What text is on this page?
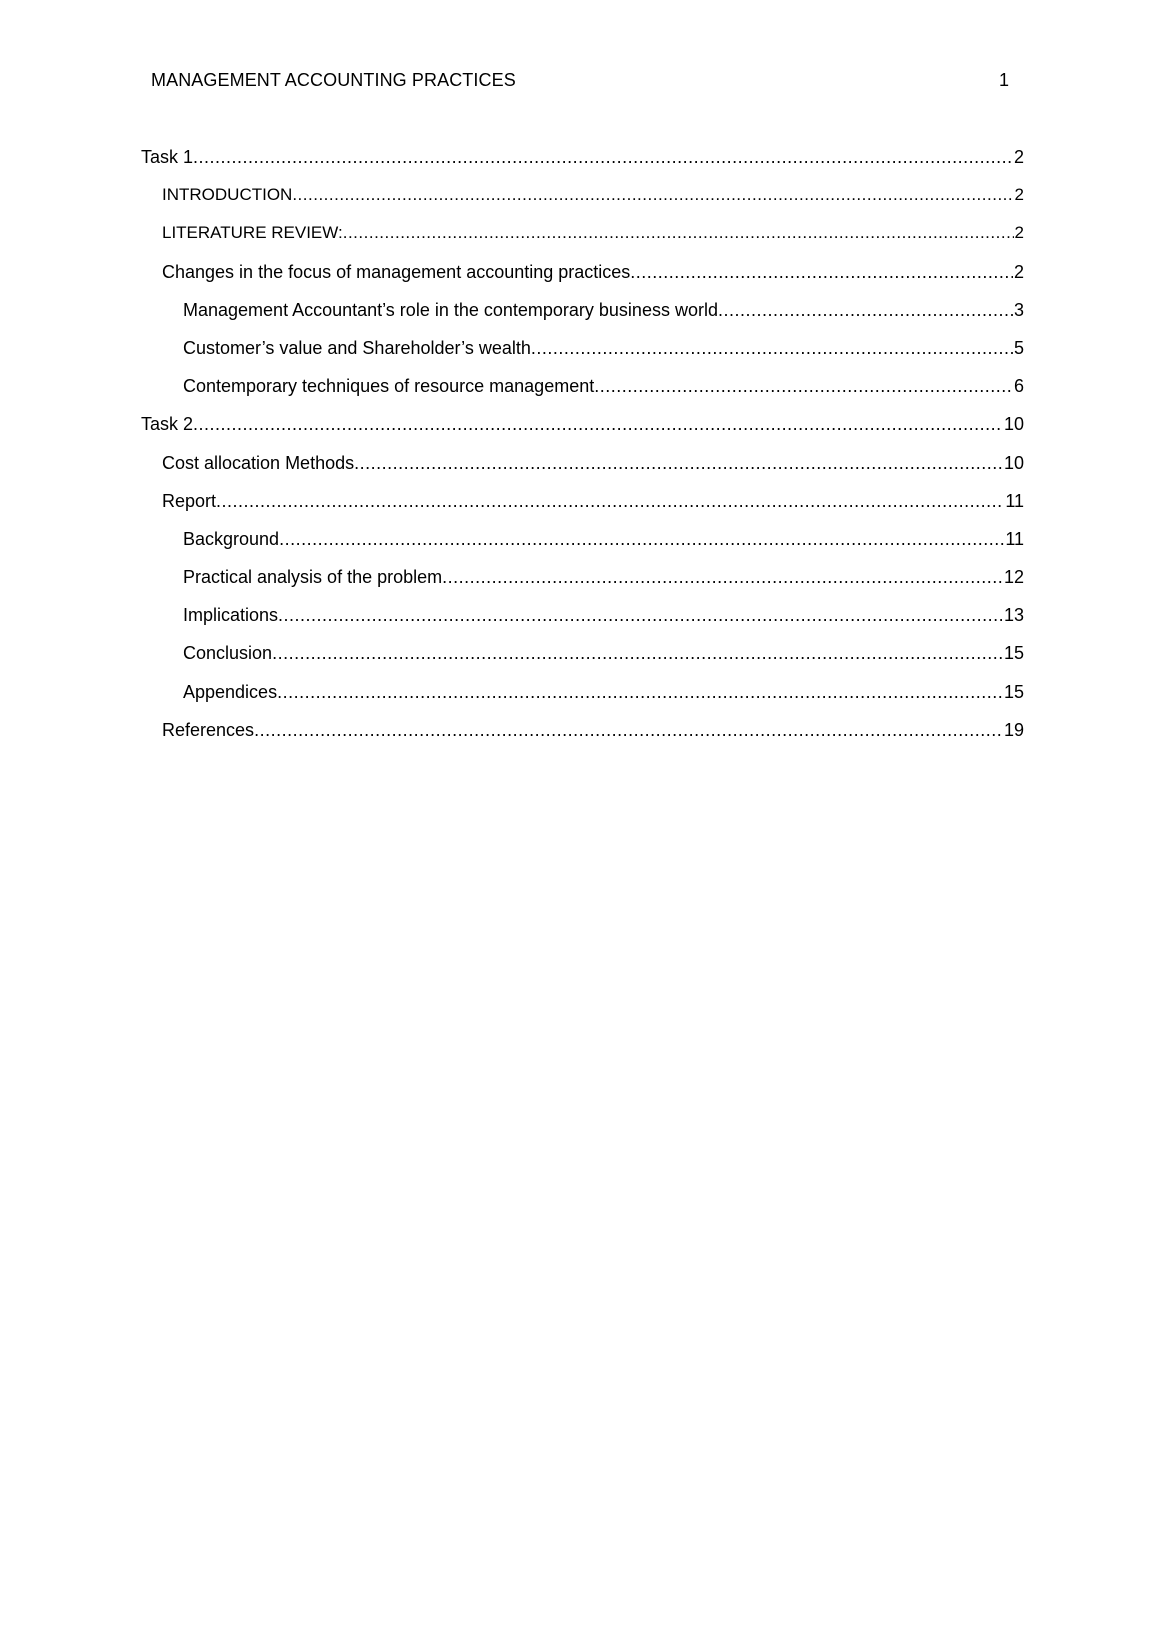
MANAGEMENT ACCOUNTING PRACTICES	1
Task 1 .....	2
INTRODUCTION .....	2
LITERATURE REVIEW: .....	2
Changes in the focus of management accounting practices .....	2
Management Accountant’s role in the contemporary business world .....	3
Customer’s value and Shareholder’s wealth .....	5
Contemporary techniques of resource management .....	6
Task 2 .....	10
Cost allocation Methods .....	10
Report .....	11
Background .....	11
Practical analysis of the problem .....	12
Implications .....	13
Conclusion .....	15
Appendices .....	15
References .....	19
